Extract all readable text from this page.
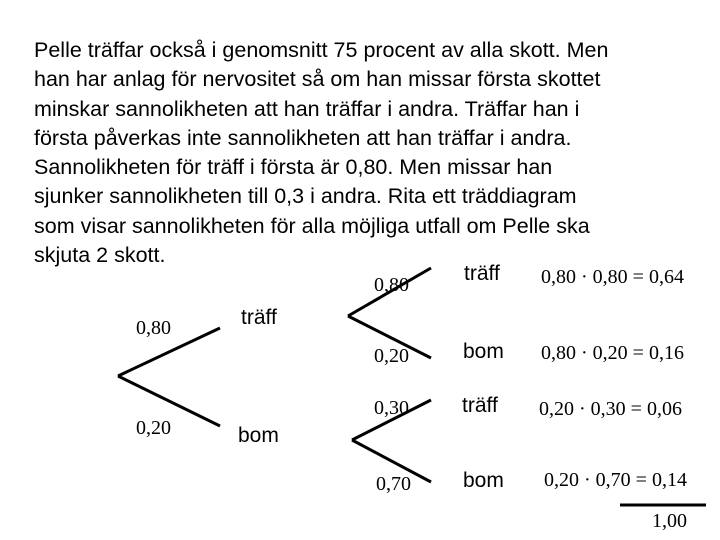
Pelle träffar också i genomsnitt 75 procent av alla skott. Men
han har anlag för nervositet så om han missar första skottet
minskar sannolikheten att han träffar i andra. Träffar han i
första påverkas inte sannolikheten att han träffar i andra.
Sannolikheten för träff i första är 0,80. Men missar han
sjunker sannolikheten till 0,3 i andra. Rita ett träddiagram
som visar sannolikheten för alla möjliga utfall om Pelle ska
skjuta 2 skott.

0,80
0,20
träff
bom
0,80
0,20
0,30
0,70
träff
bom
träff
bom
0,80 · 0,80 = 0,64
0,80 · 0,20 = 0,16
0,20 · 0,30 = 0,06
0,20 · 0,70 = 0,14
1,00
